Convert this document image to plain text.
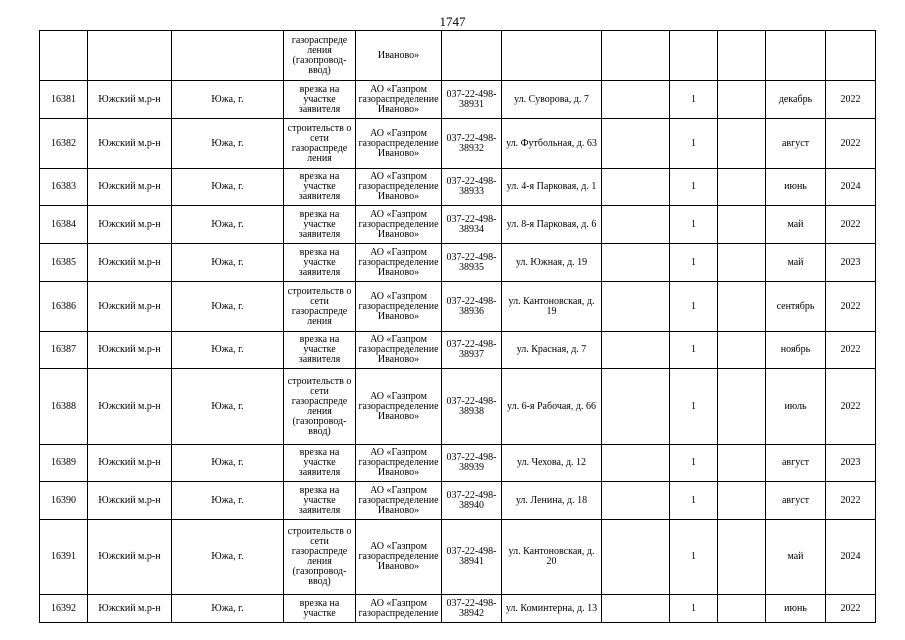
1747
			газораспреде ления (газопровод-ввод)	Иваново»							
16381	Южский м.р-н	Южа, г.	врезка на участке заявителя	АО «Газпром газораспределение Иваново»	037-22-498-38931	ул. Суворова, д. 7		1		декабрь	2022
16382	Южский м.р-н	Южа, г.	строительств о сети газораспреде ления	АО «Газпром газораспределение Иваново»	037-22-498-38932	ул. Футбольная, д. 63		1		август	2022
16383	Южский м.р-н	Южа, г.	врезка на участке заявителя	АО «Газпром газораспределение Иваново»	037-22-498-38933	ул. 4-я Парковая, д. 1		1		июнь	2024
16384	Южский м.р-н	Южа, г.	врезка на участке заявителя	АО «Газпром газораспределение Иваново»	037-22-498-38934	ул. 8-я Парковая, д. 6		1		май	2022
16385	Южский м.р-н	Южа, г.	врезка на участке заявителя	АО «Газпром газораспределение Иваново»	037-22-498-38935	ул. Южная, д. 19		1		май	2023
16386	Южский м.р-н	Южа, г.	строительств о сети газораспреде ления	АО «Газпром газораспределение Иваново»	037-22-498-38936	ул. Кантоновская, д. 19		1		сентябрь	2022
16387	Южский м.р-н	Южа, г.	врезка на участке заявителя	АО «Газпром газораспределение Иваново»	037-22-498-38937	ул. Красная, д. 7		1		ноябрь	2022
16388	Южский м.р-н	Южа, г.	строительств о сети газораспреде ления (газопровод-ввод)	АО «Газпром газораспределение Иваново»	037-22-498-38938	ул. 6-я Рабочая, д. 66		1		июль	2022
16389	Южский м.р-н	Южа, г.	врезка на участке заявителя	АО «Газпром газораспределение Иваново»	037-22-498-38939	ул. Чехова, д. 12		1		август	2023
16390	Южский м.р-н	Южа, г.	врезка на участке заявителя	АО «Газпром газораспределение Иваново»	037-22-498-38940	ул. Ленина, д. 18		1		август	2022
16391	Южский м.р-н	Южа, г.	строительств о сети газораспреде ления (газопровод-ввод)	АО «Газпром газораспределение Иваново»	037-22-498-38941	ул. Кантоновская, д. 20		1		май	2024
16392	Южский м.р-н	Южа, г.	врезка на участке	АО «Газпром газораспределение	037-22-498-38942	ул. Коминтерна, д. 13		1		июнь	2022
